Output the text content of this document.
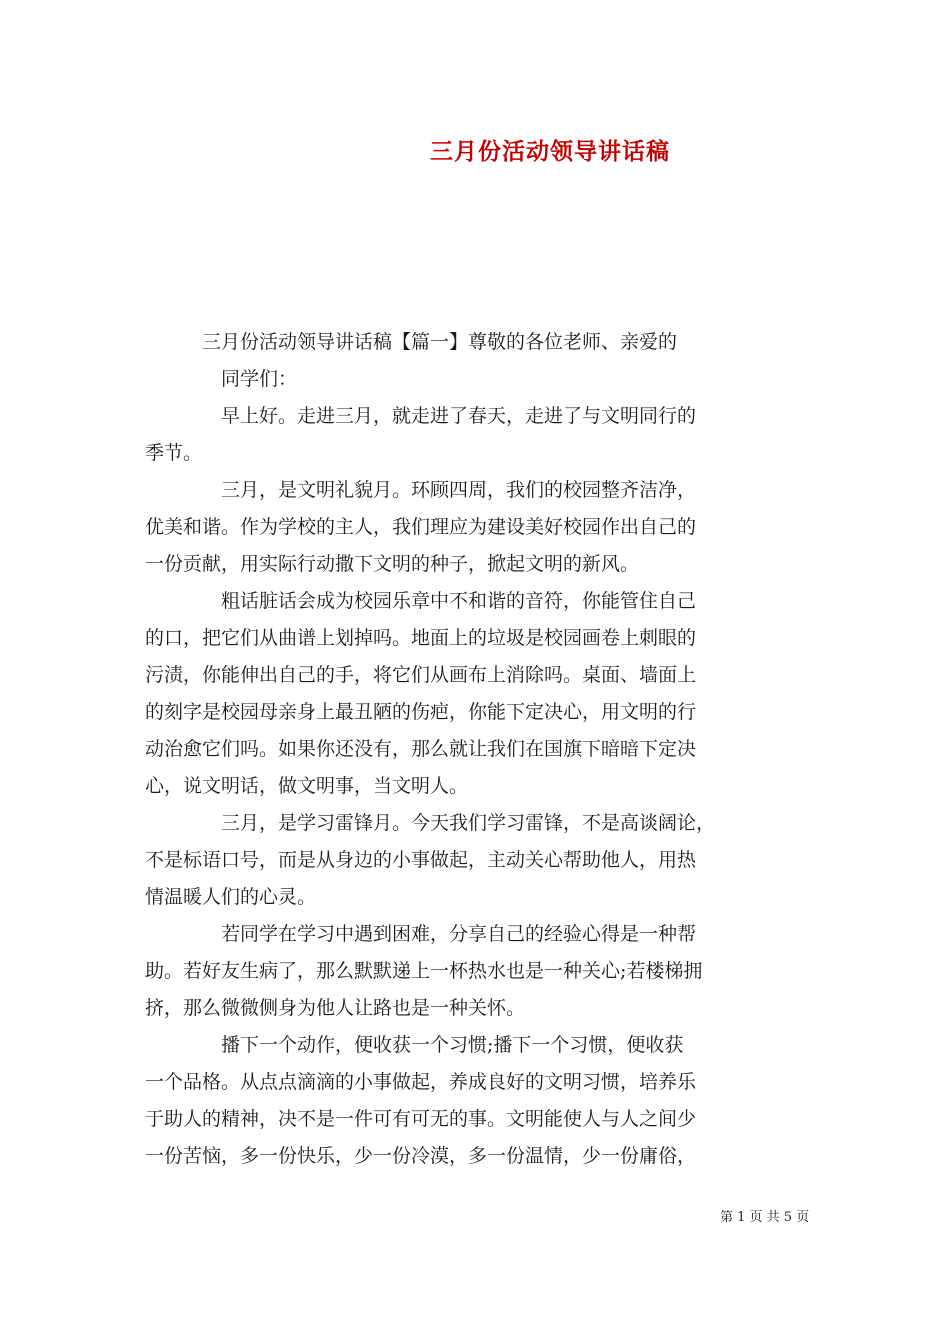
三月份活动领导讲话稿
　　　三月份活动领导讲话稿【篇一】尊敬的各位老师、亲爱的
　　　　同学们：
　　　　早上好。走进三月，就走进了春天，走进了与文明同行的
季节。
　　　　三月，是文明礼貌月。环顾四周，我们的校园整齐洁净，
优美和谐。作为学校的主人，我们理应为建设美好校园作出自己的
一份贡献，用实际行动撒下文明的种子，掀起文明的新风。
　　　　粗话脏话会成为校园乐章中不和谐的音符，你能管住自己
的口，把它们从曲谱上划掉吗。地面上的垃圾是校园画卷上刺眼的
污渍，你能伸出自己的手，将它们从画布上消除吗。桌面、墙面上
的刻字是校园母亲身上最丑陋的伤疤，你能下定决心，用文明的行
动治愈它们吗。如果你还没有，那么就让我们在国旗下暗暗下定决
心，说文明话，做文明事，当文明人。
　　　　三月，是学习雷锋月。今天我们学习雷锋，不是高谈阔论，
不是标语口号，而是从身边的小事做起，主动关心帮助他人，用热
情温暖人们的心灵。
　　　　若同学在学习中遇到困难，分享自己的经验心得是一种帮
助。若好友生病了，那么默默递上一杯热水也是一种关心;若楼梯拥
挤，那么微微侧身为他人让路也是一种关怀。
　　　　播下一个动作，便收获一个习惯;播下一个习惯，便收获
一个品格。从点点滴滴的小事做起，养成良好的文明习惯，培养乐
于助人的精神，决不是一件可有可无的事。文明能使人与人之间少
一份苦恼，多一份快乐，少一份冷漠，多一份温情，少一份庸俗，
第 1 页 共 5 页
